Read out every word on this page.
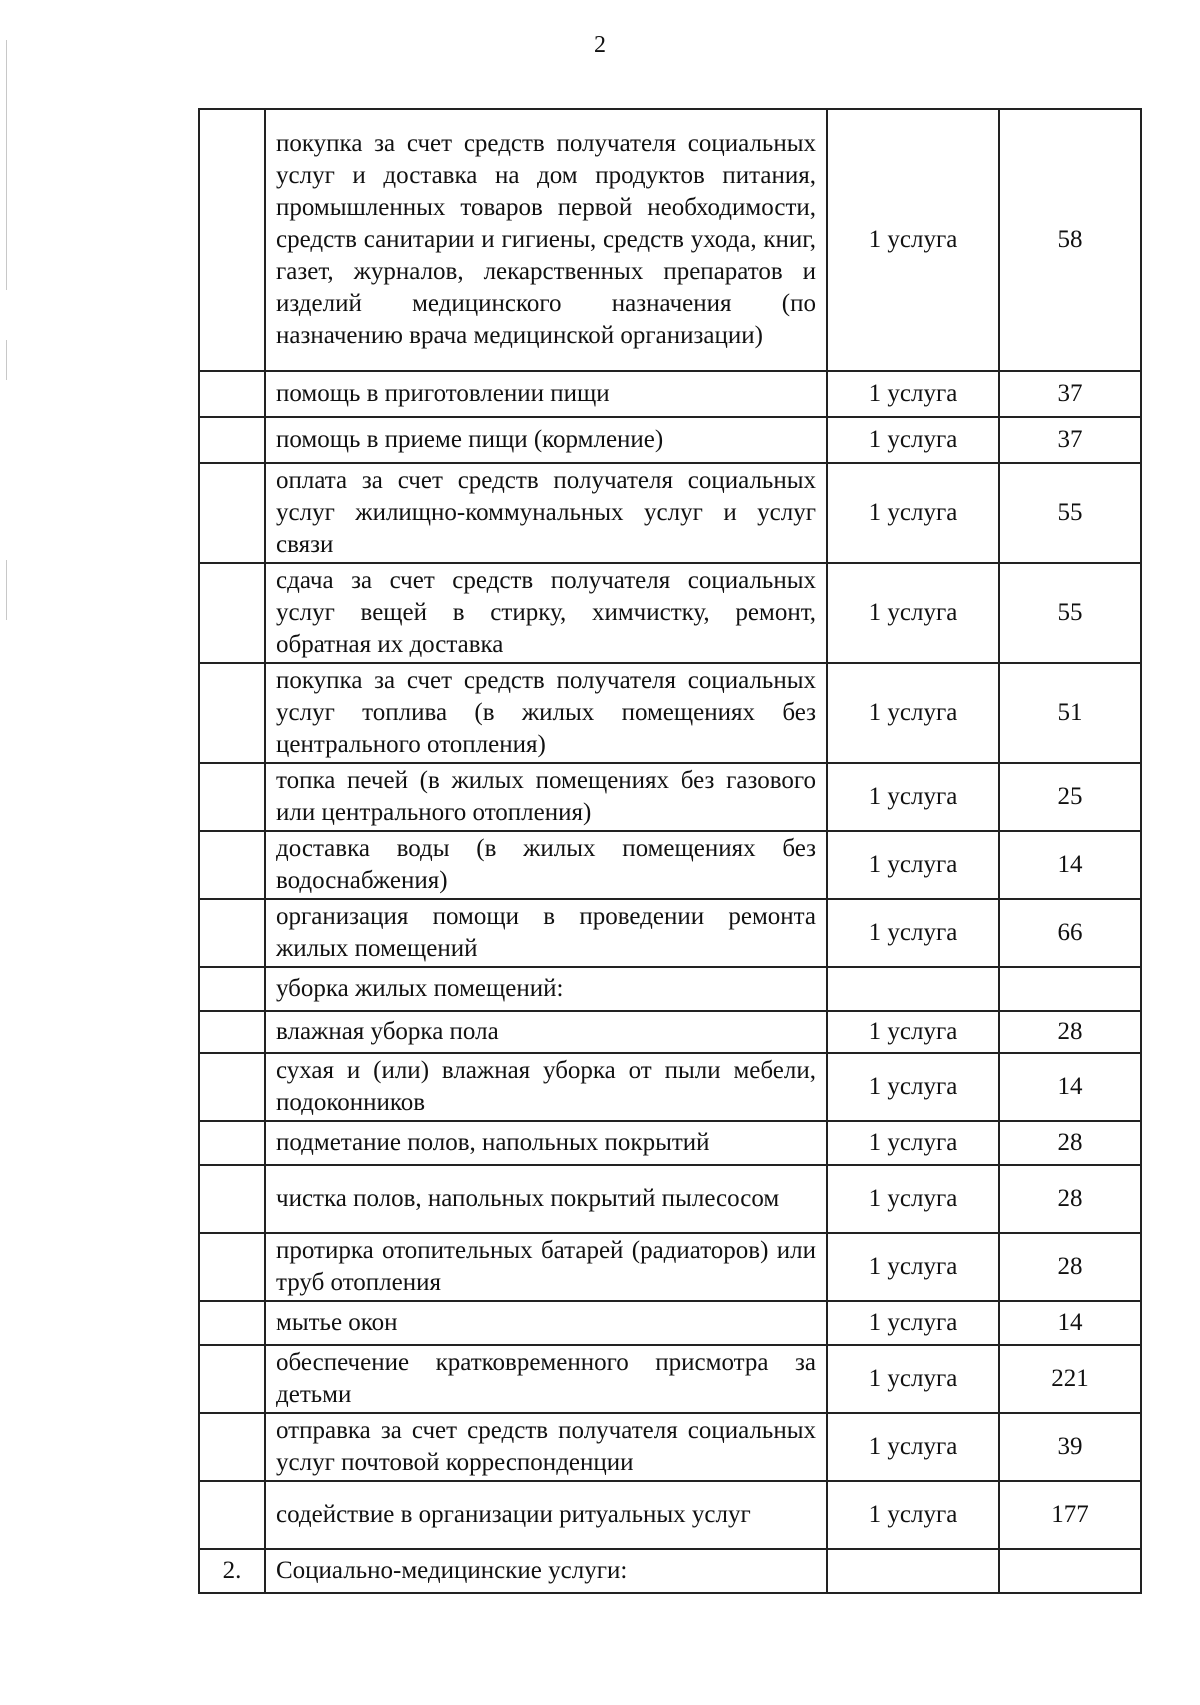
2
	покупка за счет средств получателя социальных услуг и доставка на дом продуктов питания, промышленных товаров первой необходимости, средств санитарии и гигиены, средств ухода, книг, газет, журналов, лекарственных препаратов и изделий медицинского назначения (по назначению врача медицинской организации)	1 услуга	58
	помощь в приготовлении пищи	1 услуга	37
	помощь в приеме пищи (кормление)	1 услуга	37
	оплата за счет средств получателя социальных услуг жилищно-коммунальных услуг и услуг связи	1 услуга	55
	сдача за счет средств получателя социальных услуг вещей в стирку, химчистку, ремонт, обратная их доставка	1 услуга	55
	покупка за счет средств получателя социальных услуг топлива (в жилых помещениях без центрального отопления)	1 услуга	51
	топка печей (в жилых помещениях без газового или центрального отопления)	1 услуга	25
	доставка воды (в жилых помещениях без водоснабжения)	1 услуга	14
	организация помощи в проведении ремонта жилых помещений	1 услуга	66
	уборка жилых помещений:		
	влажная уборка пола	1 услуга	28
	сухая и (или) влажная уборка от пыли мебели, подоконников	1 услуга	14
	подметание полов, напольных покрытий	1 услуга	28
	чистка полов, напольных покрытий пылесосом	1 услуга	28
	протирка отопительных батарей (радиаторов) или труб отопления	1 услуга	28
	мытье окон	1 услуга	14
	обеспечение кратковременного присмотра за детьми	1 услуга	221
	отправка за счет средств получателя социальных услуг почтовой корреспонденции	1 услуга	39
	содействие в организации ритуальных услуг	1 услуга	177
2.	Социально-медицинские услуги:		
